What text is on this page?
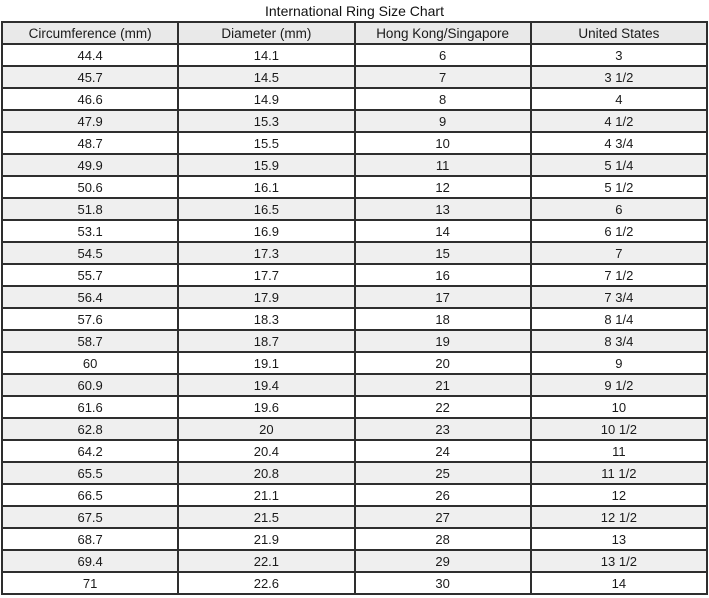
International Ring Size Chart
Circumference (mm)	Diameter (mm)	Hong Kong/Singapore	United States
44.4	14.1	6	3
45.7	14.5	7	3 1/2
46.6	14.9	8	4
47.9	15.3	9	4 1/2
48.7	15.5	10	4 3/4
49.9	15.9	11	5 1/4
50.6	16.1	12	5 1/2
51.8	16.5	13	6
53.1	16.9	14	6 1/2
54.5	17.3	15	7
55.7	17.7	16	7 1/2
56.4	17.9	17	7 3/4
57.6	18.3	18	8 1/4
58.7	18.7	19	8 3/4
60	19.1	20	9
60.9	19.4	21	9 1/2
61.6	19.6	22	10
62.8	20	23	10 1/2
64.2	20.4	24	11
65.5	20.8	25	11 1/2
66.5	21.1	26	12
67.5	21.5	27	12 1/2
68.7	21.9	28	13
69.4	22.1	29	13 1/2
71	22.6	30	14
